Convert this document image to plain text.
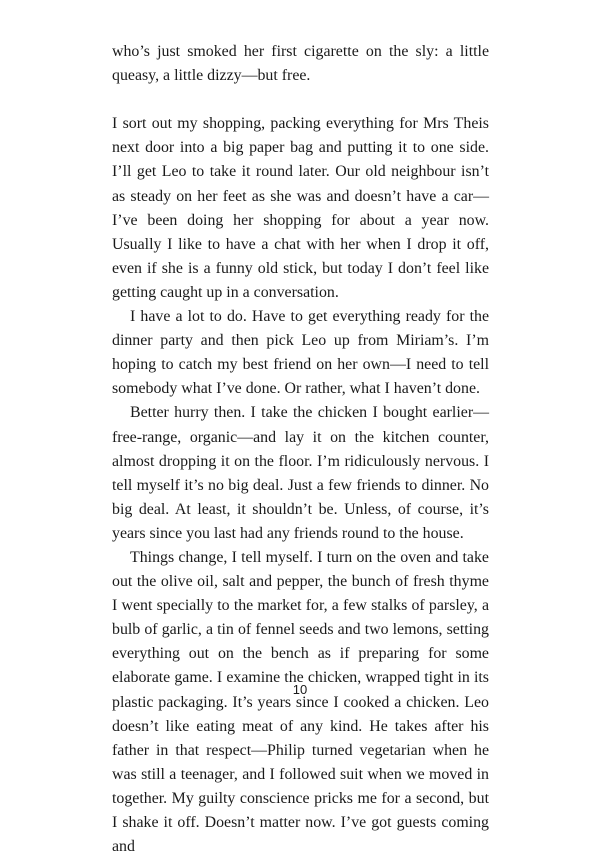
who’s just smoked her first cigarette on the sly: a little queasy, a little dizzy—but free.

I sort out my shopping, packing everything for Mrs Theis next door into a big paper bag and putting it to one side. I’ll get Leo to take it round later. Our old neighbour isn’t as steady on her feet as she was and doesn’t have a car—I’ve been doing her shopping for about a year now. Usually I like to have a chat with her when I drop it off, even if she is a funny old stick, but today I don’t feel like getting caught up in a conversation.

I have a lot to do. Have to get everything ready for the dinner party and then pick Leo up from Miriam’s. I’m hoping to catch my best friend on her own—I need to tell somebody what I’ve done. Or rather, what I haven’t done.

Better hurry then. I take the chicken I bought earlier—free-range, organic—and lay it on the kitchen counter, almost dropping it on the floor. I’m ridiculously nervous. I tell myself it’s no big deal. Just a few friends to dinner. No big deal. At least, it shouldn’t be. Unless, of course, it’s years since you last had any friends round to the house.

Things change, I tell myself. I turn on the oven and take out the olive oil, salt and pepper, the bunch of fresh thyme I went specially to the market for, a few stalks of parsley, a bulb of garlic, a tin of fennel seeds and two lemons, setting everything out on the bench as if preparing for some elaborate game. I examine the chicken, wrapped tight in its plastic packaging. It’s years since I cooked a chicken. Leo doesn’t like eating meat of any kind. He takes after his father in that respect—Philip turned vegetarian when he was still a teenager, and I followed suit when we moved in together. My guilty conscience pricks me for a second, but I shake it off. Doesn’t matter now. I’ve got guests coming and

10
